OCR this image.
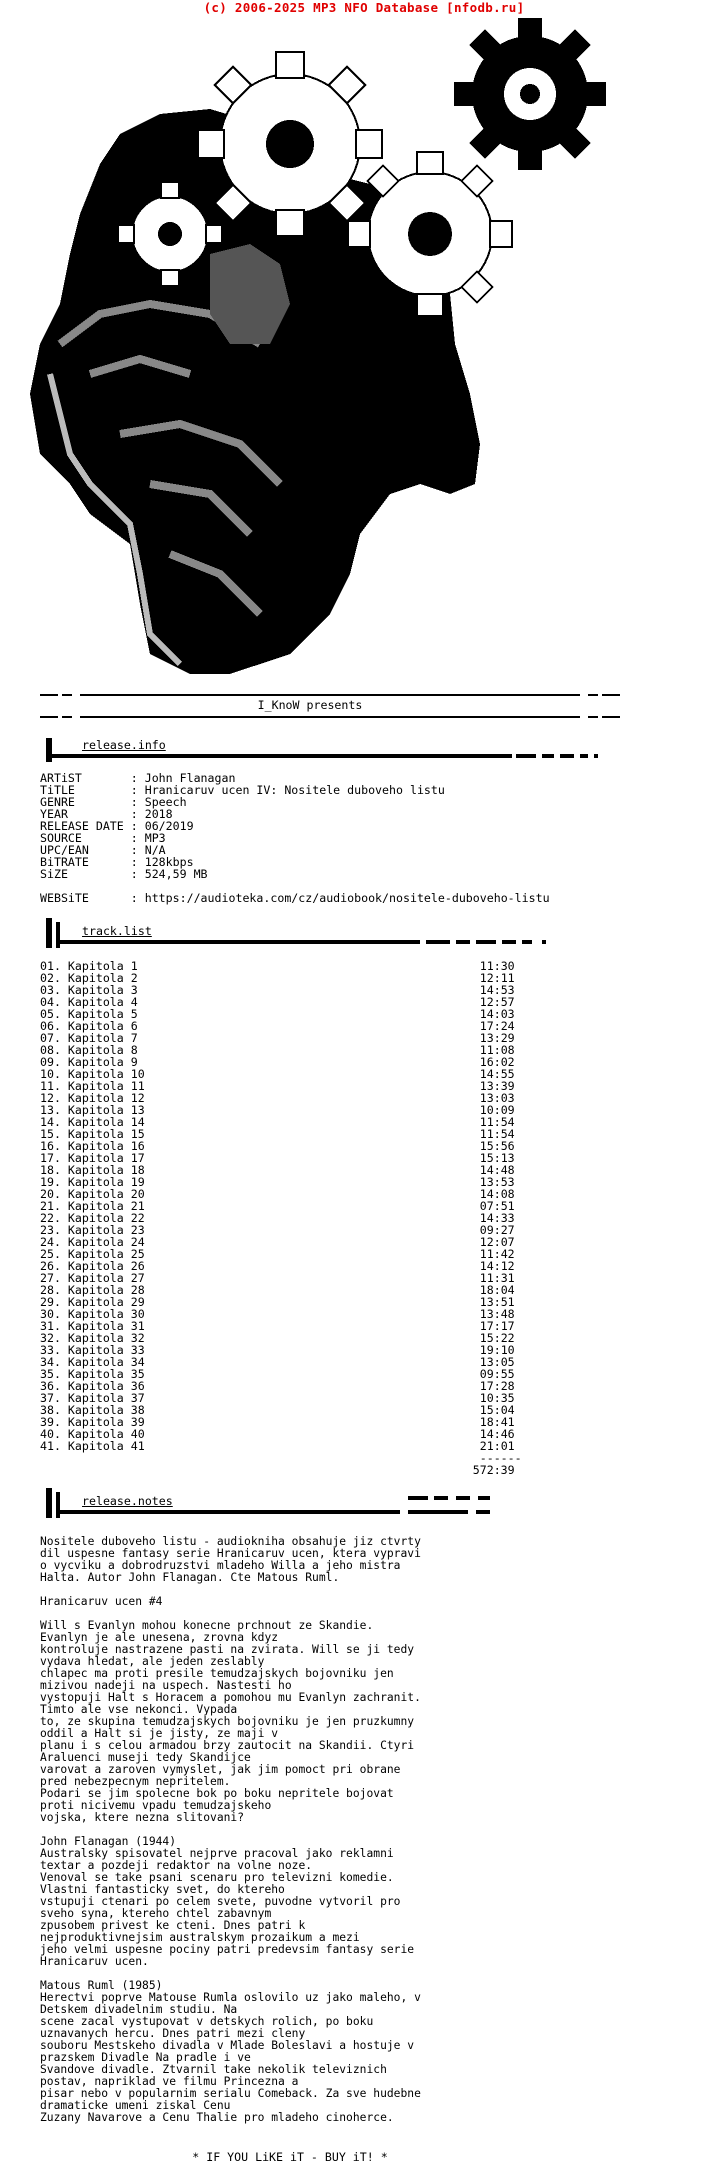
(c) 2006-2025 MP3 NFO Database [nfodb.ru]
I_KnoW presents
release.info
ARTiST       : John Flanagan
TiTLE        : Hranicaruv ucen IV: Nositele duboveho listu
GENRE        : Speech
YEAR         : 2018
RELEASE DATE : 06/2019
SOURCE       : MP3
UPC/EAN      : N/A
BiTRATE      : 128kbps
SiZE         : 524,59 MB

WEBSiTE      : https://audioteka.com/cz/audiobook/nositele-duboveho-listu
track.list
01. Kapitola 1                                                 11:30
02. Kapitola 2                                                 12:11
03. Kapitola 3                                                 14:53
04. Kapitola 4                                                 12:57
05. Kapitola 5                                                 14:03
06. Kapitola 6                                                 17:24
07. Kapitola 7                                                 13:29
08. Kapitola 8                                                 11:08
09. Kapitola 9                                                 16:02
10. Kapitola 10                                                14:55
11. Kapitola 11                                                13:39
12. Kapitola 12                                                13:03
13. Kapitola 13                                                10:09
14. Kapitola 14                                                11:54
15. Kapitola 15                                                11:54
16. Kapitola 16                                                15:56
17. Kapitola 17                                                15:13
18. Kapitola 18                                                14:48
19. Kapitola 19                                                13:53
20. Kapitola 20                                                14:08
21. Kapitola 21                                                07:51
22. Kapitola 22                                                14:33
23. Kapitola 23                                                09:27
24. Kapitola 24                                                12:07
25. Kapitola 25                                                11:42
26. Kapitola 26                                                14:12
27. Kapitola 27                                                11:31
28. Kapitola 28                                                18:04
29. Kapitola 29                                                13:51
30. Kapitola 30                                                13:48
31. Kapitola 31                                                17:17
32. Kapitola 32                                                15:22
33. Kapitola 33                                                19:10
34. Kapitola 34                                                13:05
35. Kapitola 35                                                09:55
36. Kapitola 36                                                17:28
37. Kapitola 37                                                10:35
38. Kapitola 38                                                15:04
39. Kapitola 39                                                18:41
40. Kapitola 40                                                14:46
41. Kapitola 41                                                21:01
------
572:39
release.notes
Nositele duboveho listu - audiokniha obsahuje jiz ctvrty
dil uspesne fantasy serie Hranicaruv ucen, ktera vypravi
o vycviku a dobrodruzstvi mladeho Willa a jeho mistra
Halta. Autor John Flanagan. Cte Matous Ruml.

Hranicaruv ucen #4

Will s Evanlyn mohou konecne prchnout ze Skandie.
Evanlyn je ale unesena, zrovna kdyz
kontroluje nastrazene pasti na zvirata. Will se ji tedy
vydava hledat, ale jeden zeslably
chlapec ma proti presile temudzajskych bojovniku jen
mizivou nadeji na uspech. Nastesti ho
vystopuji Halt s Horacem a pomohou mu Evanlyn zachranit.
Timto ale vse nekonci. Vypada
to, ze skupina temudzajskych bojovniku je jen pruzkumny
oddil a Halt si je jisty, ze maji v
planu i s celou armadou brzy zautocit na Skandii. Ctyri
Araluenci museji tedy Skandijce
varovat a zaroven vymyslet, jak jim pomoct pri obrane
pred nebezpecnym nepritelem.
Podari se jim spolecne bok po boku nepritele bojovat
proti nicivemu vpadu temudzajskeho
vojska, ktere nezna slitovani?

John Flanagan (1944)
Australsky spisovatel nejprve pracoval jako reklamni
textar a pozdeji redaktor na volne noze.
Venoval se take psani scenaru pro televizni komedie.
Vlastni fantasticky svet, do ktereho
vstupuji ctenari po celem svete, puvodne vytvoril pro
sveho syna, ktereho chtel zabavnym
zpusobem privest ke cteni. Dnes patri k
nejproduktivnejsim australskym prozaikum a mezi
jeho velmi uspesne pociny patri predevsim fantasy serie
Hranicaruv ucen.

Matous Ruml (1985)
Herectvi poprve Matouse Rumla oslovilo uz jako maleho, v
Detskem divadelnim studiu. Na
scene zacal vystupovat v detskych rolich, po boku
uznavanych hercu. Dnes patri mezi cleny
souboru Mestskeho divadla v Mlade Boleslavi a hostuje v
prazskem Divadle Na pradle i ve
Svandove divadle. Ztvarnil take nekolik televiznich
postav, napriklad ve filmu Princezna a
pisar nebo v popularnim serialu Comeback. Za sve hudebne
dramaticke umeni ziskal Cenu
Zuzany Navarove a Cenu Thalie pro mladeho cinoherce.

* IF YOU LiKE iT - BUY iT! *
